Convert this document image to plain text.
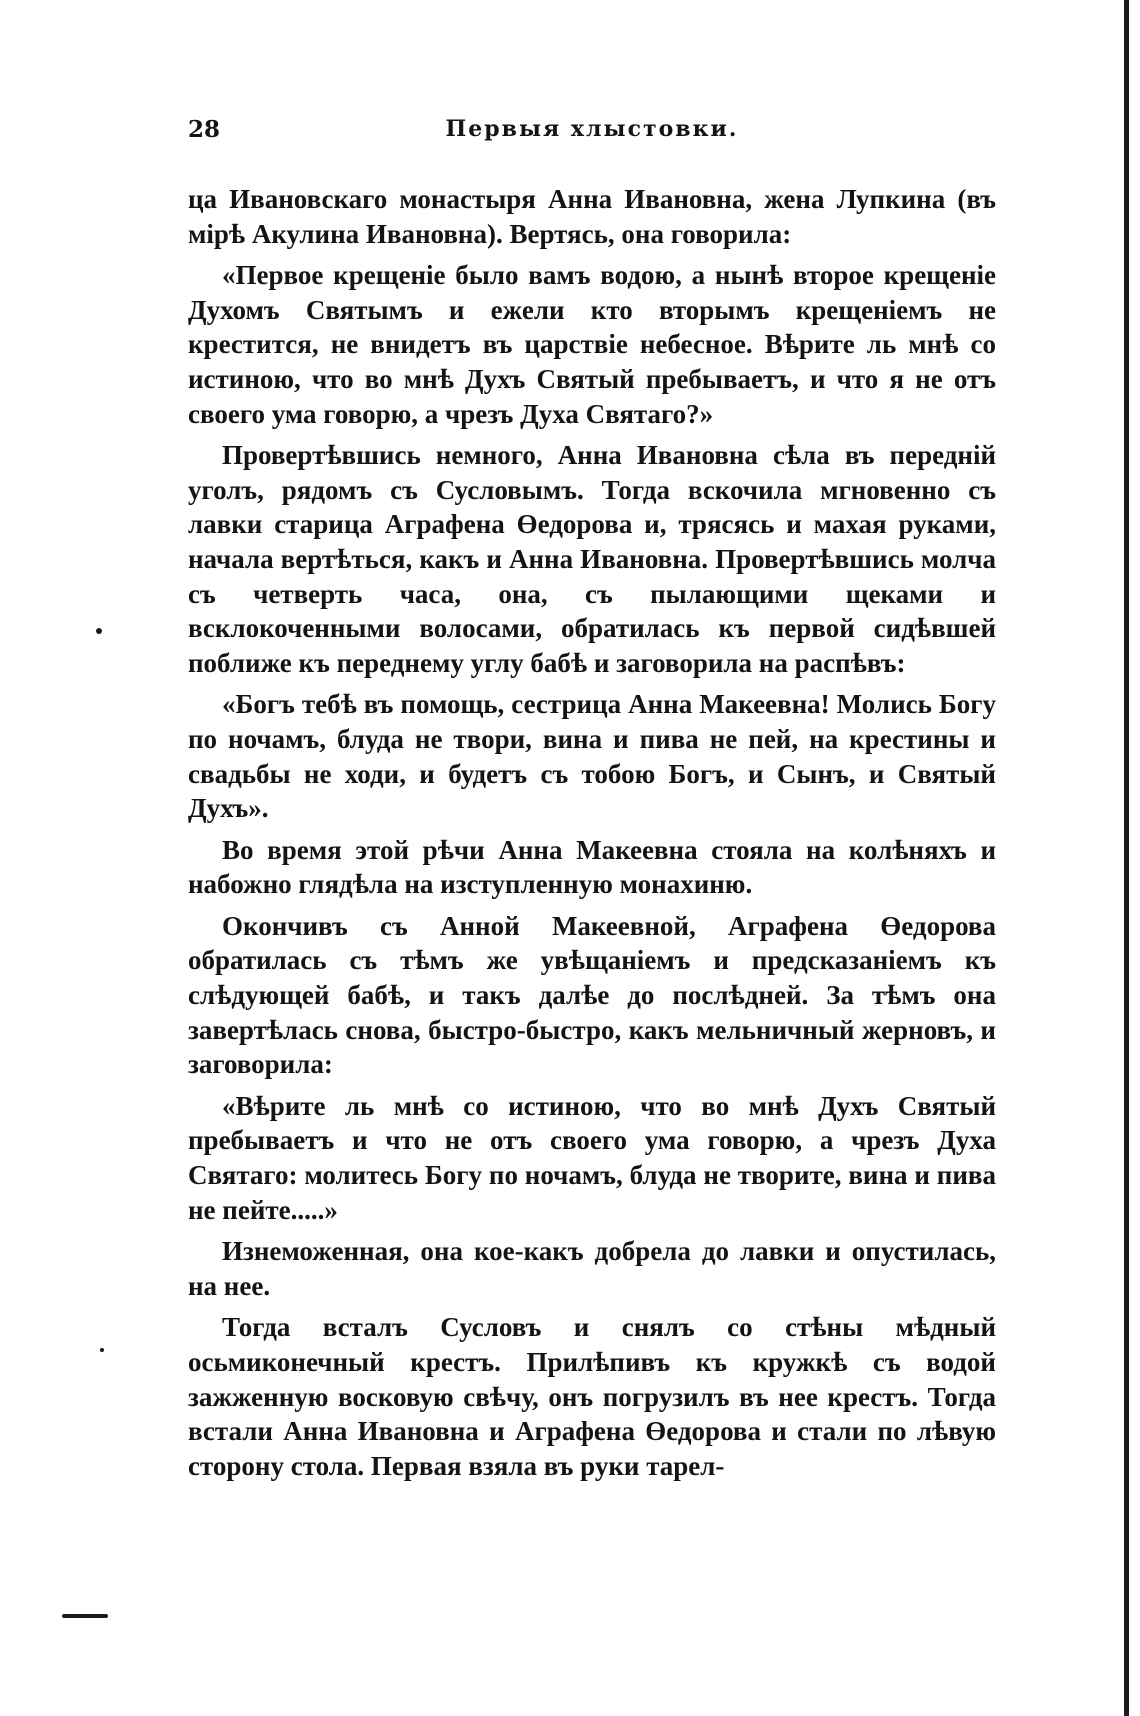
28	Первыя хлыстовки.

ца Ивановскаго монастыря Анна Ивановна, жена Лупкина (въ мірѣ Акулина Ивановна). Вертясь, она говорила:

«Первое крещеніе было вамъ водою, а нынѣ второе крещеніе Духомъ Святымъ и ежели кто вторымъ крещеніемъ не крестится, не внидетъ въ царствіе небесное. Вѣрите ль мнѣ со истиною, что во мнѣ Духъ Святый пребываетъ, и что я не отъ своего ума говорю, а чрезъ Духа Святаго?»

Провертѣвшись немного, Анна Ивановна сѣла въ передній уголъ, рядомъ съ Сусловымъ. Тогда вскочила мгновенно съ лавки старица Аграфена Өедорова и, трясясь и махая руками, начала вертѣться, какъ и Анна Ивановна. Провертѣвшись молча съ четверть часа, она, съ пылающими щеками и всклокоченными волосами, обратилась къ первой сидѣвшей поближе къ переднему углу бабѣ и заговорила на распѣвъ:

«Богъ тебѣ въ помощь, сестрица Анна Макеевна! Молись Богу по ночамъ, блуда не твори, вина и пива не пей, на крестины и свадьбы не ходи, и будетъ съ тобою Богъ, и Сынъ, и Святый Духъ».

Во время этой рѣчи Анна Макеевна стояла на колѣняхъ и набожно глядѣла на изступленную монахиню.

Окончивъ съ Анной Макеевной, Аграфена Өедорова обратилась съ тѣмъ же увѣщаніемъ и предсказаніемъ къ слѣдующей бабѣ, и такъ далѣе до послѣдней. За тѣмъ она завертѣлась снова, быстро-быстро, какъ мельничный жерновъ, и заговорила:

«Вѣрите ль мнѣ со истиною, что во мнѣ Духъ Святый пребываетъ и что не отъ своего ума говорю, а чрезъ Духа Святаго: молитесь Богу по ночамъ, блуда не творите, вина и пива не пейте.....»

Изнеможенная, она кое-какъ добрела до лавки и опустилась, на нее.

Тогда всталъ Сусловъ и снялъ со стѣны мѣдный осьмиконечный крестъ. Прилѣпивъ къ кружкѣ съ водой зажженную восковую свѣчу, онъ погрузилъ въ нее крестъ. Тогда встали Анна Ивановна и Аграфена Өедорова и стали по лѣвую сторону стола. Первая взяла въ руки тарел-
